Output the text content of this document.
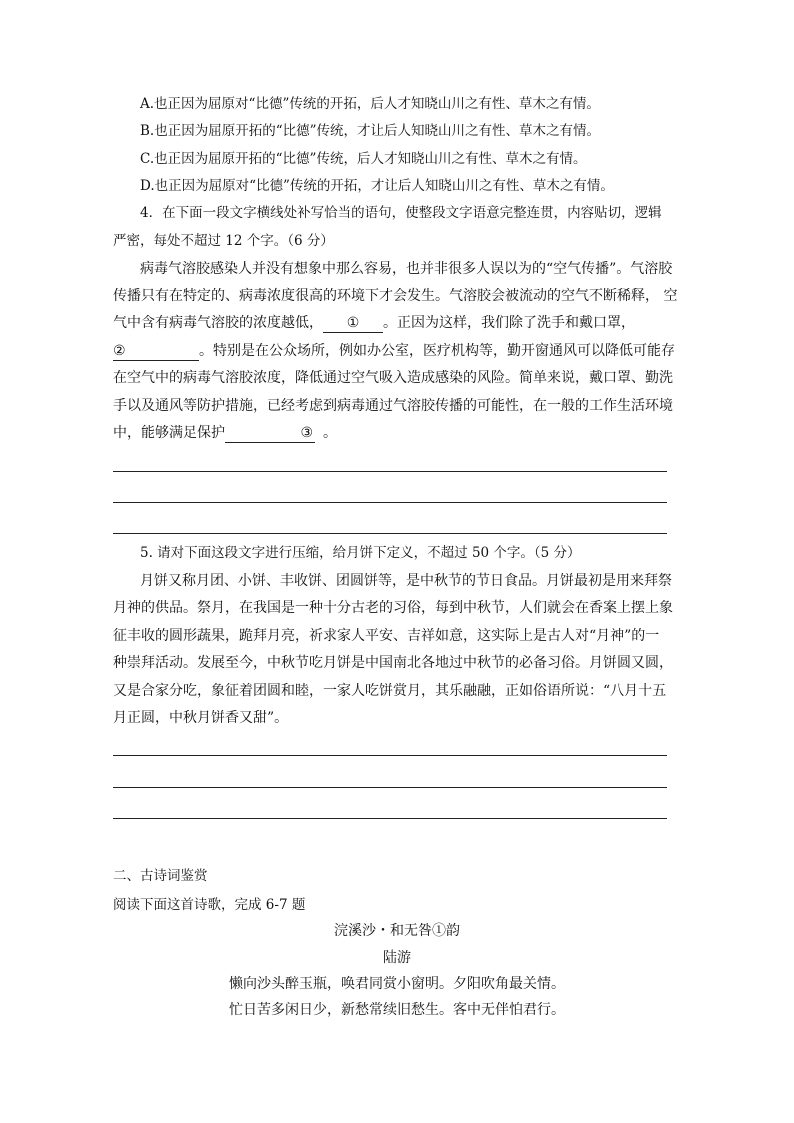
A.也正因为屈原对“比德”传统的开拓，后人才知晓山川之有性、草木之有情。
B.也正因为屈原开拓的“比德”传统，才让后人知晓山川之有性、草木之有情。
C.也正因为屈原开拓的“比德”传统，后人才知晓山川之有性、草木之有情。
D.也正因为屈原对“比德”传统的开拓，才让后人知晓山川之有性、草木之有情。
4．在下面一段文字横线处补写恰当的语句，使整段文字语意完整连贯，内容贴切，逻辑
严密，每处不超过 12 个字。（6 分）
病毒气溶胶感染人并没有想象中那么容易，也并非很多人误以为的“空气传播”。气溶胶
传播只有在特定的、病毒浓度很高的环境下才会发生。气溶胶会被流动的空气不断稀释， 空
气中含有病毒气溶胶的浓度越低， ① 。正因为这样，我们除了洗手和戴口罩，
②	。特别是在公众场所，例如办公室，医疗机构等，勤开窗通风可以降低可能存
在空气中的病毒气溶胶浓度，降低通过空气吸入造成感染的风险。简单来说，戴口罩、勤洗
手以及通风等防护措施，已经考虑到病毒通过气溶胶传播的可能性，在一般的工作生活环境
中，能够满足保护	③ 。
5. 请对下面这段文字进行压缩，给月饼下定义，不超过 50 个字。（5 分）
月饼又称月团、小饼、丰收饼、团圆饼等，是中秋节的节日食品。月饼最初是用来拜祭
月神的供品。祭月，在我国是一种十分古老的习俗，每到中秋节，人们就会在香案上摆上象
征丰收的圆形蔬果，跪拜月亮，祈求家人平安、吉祥如意，这实际上是古人对“月神”的一
种崇拜活动。发展至今，中秋节吃月饼是中国南北各地过中秋节的必备习俗。月饼圆又圆，
又是合家分吃，象征着团圆和睦，一家人吃饼赏月，其乐融融，正如俗语所说：“八月十五
月正圆，中秋月饼香又甜”。
二、古诗词鉴赏
阅读下面这首诗歌，完成 6-7 题
浣溪沙・和无咎①韵
陆游
懒向沙头醉玉瓶，唤君同赏小窗明。夕阳吹角最关情。
忙日苦多闲日少，新愁常续旧愁生。客中无伴怕君行。
